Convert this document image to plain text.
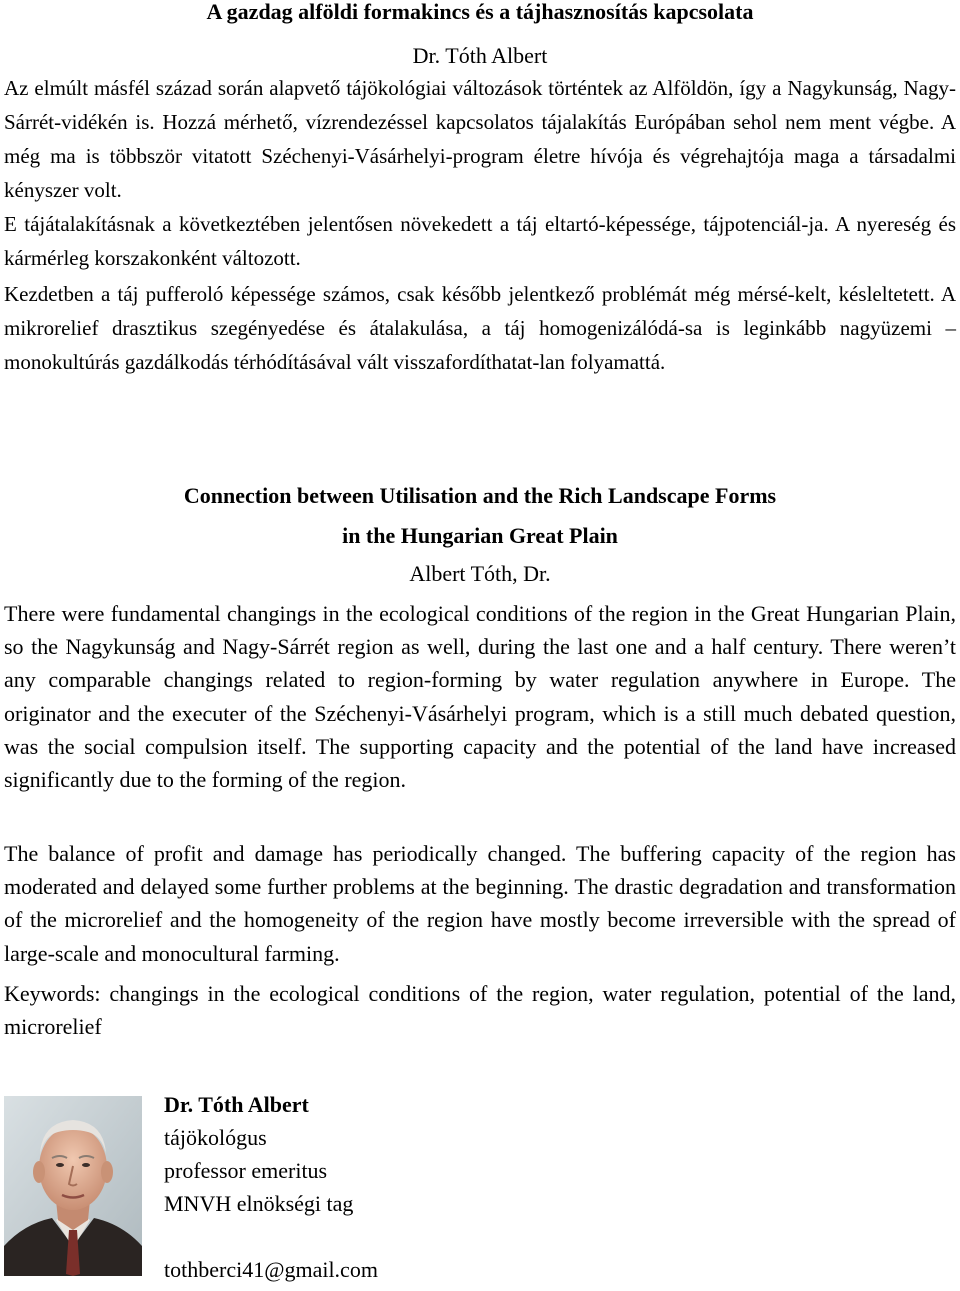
A gazdag alföldi formakincs és a tájhasznosítás kapcsolata

Dr. Tóth Albert

Az elmúlt másfél század során alapvető tájökológiai változások történtek az Alföldön, így a Nagykunság, Nagy-Sárrét-vidékén is. Hozzá mérhető, vízrendezéssel kapcsolatos tájalakítás Európában sehol nem ment végbe. A még ma is többször vitatott Széchenyi-Vásárhelyi-program életre hívója és végrehajtója maga a társadalmi kényszer volt.

E tájátalakításnak a következtében jelentősen növekedett a táj eltartó-képessége, tájpotenciál-ja. A nyereség és kármérleg korszakonként változott.

Kezdetben a táj pufferoló képessége számos, csak később jelentkező problémát még mérsé-kelt, késleltetett. A mikrorelief drasztikus szegényedése és átalakulása, a táj homogenizálódá-sa is leginkább nagyüzemi – monokultúrás gazdálkodás térhódításával vált visszafordíthatat-lan folyamattá.

Connection between Utilisation and the Rich Landscape Forms
in the Hungarian Great Plain

Albert Tóth, Dr.

There were fundamental changings in the ecological conditions of the region in the Great Hungarian Plain, so the Nagykunság and Nagy-Sárrét region as well, during the last one and a half century. There weren’t any comparable changings related to region-forming by water regulation anywhere in Europe. The originator and the executer of the Széchenyi-Vásárhelyi program, which is a still much debated question, was the social compulsion itself. The supporting capacity and the potential of the land have increased significantly due to the forming of the region.

The balance of profit and damage has periodically changed. The buffering capacity of the region has moderated and delayed some further problems at the beginning. The drastic degradation and transformation of the microrelief and the homogeneity of the region have mostly become irreversible with the spread of large-scale and monocultural farming.

Keywords: changings in the ecological conditions of the region, water regulation, potential of the land, microrelief

Dr. Tóth Albert
tájökológus
professor emeritus
MNVH elnökségi tag
tothberci41@gmail.com
